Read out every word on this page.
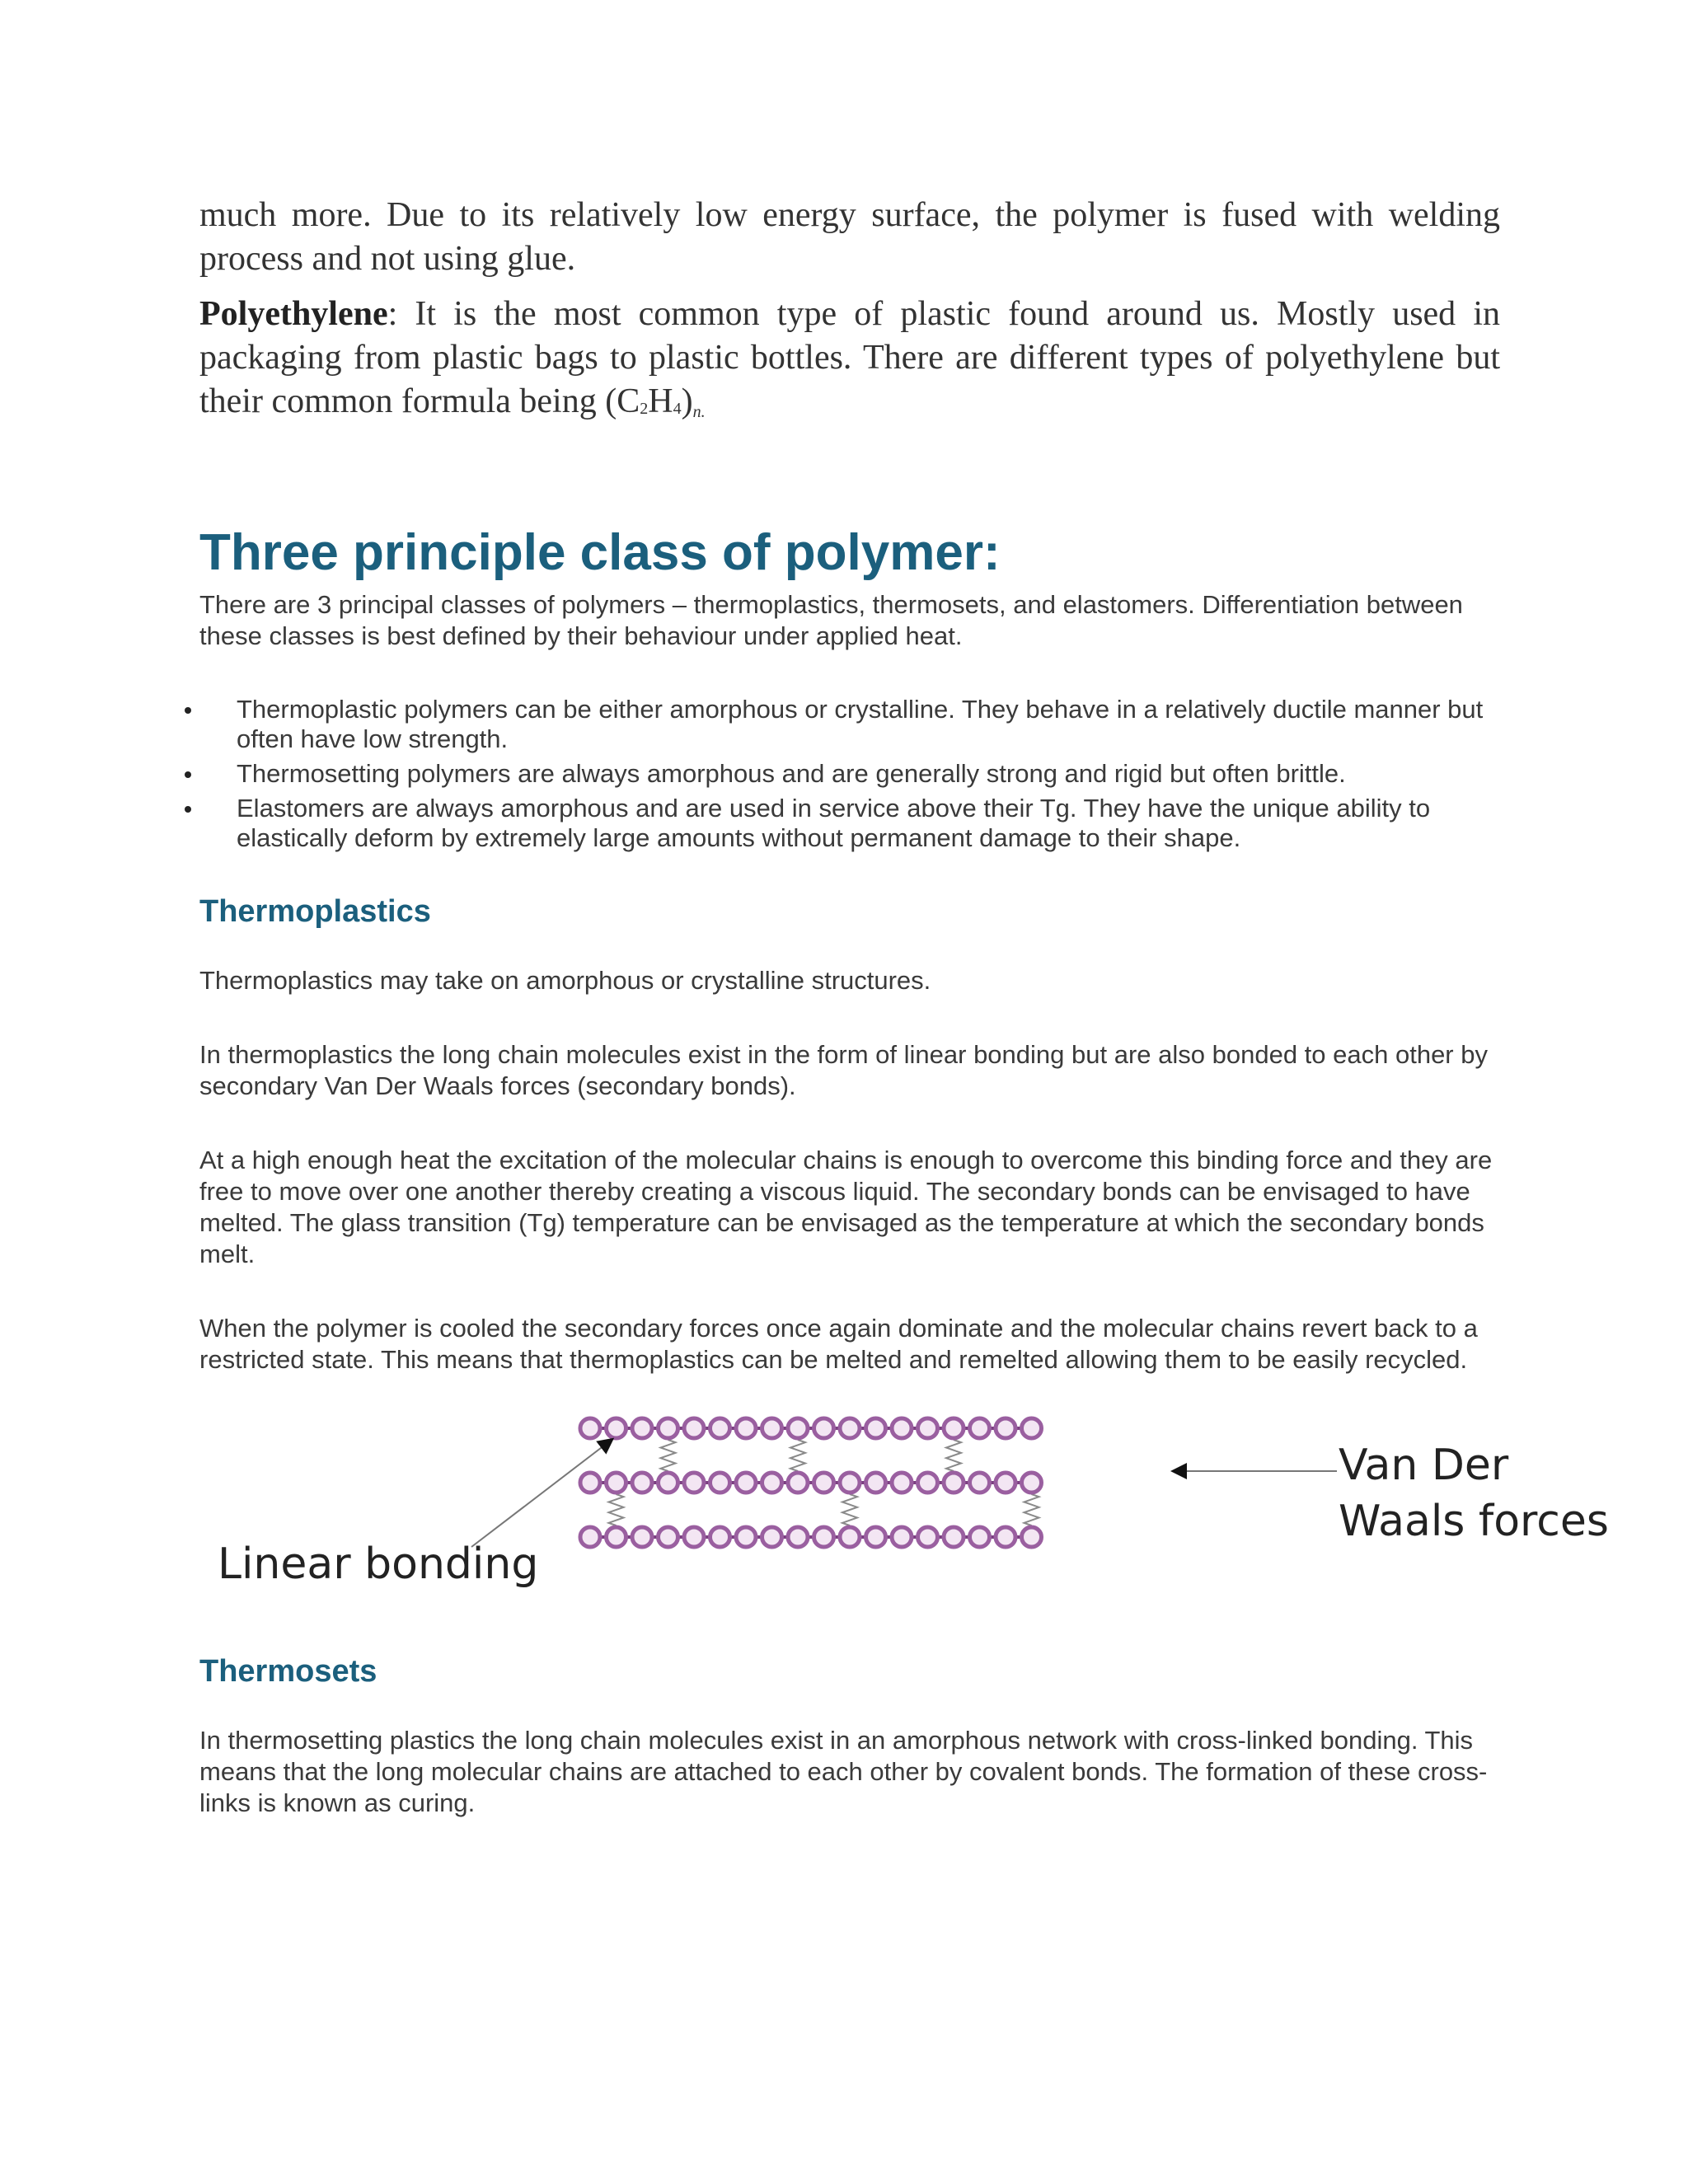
much more. Due to its relatively low energy surface, the polymer is fused with welding process and not using glue.

Polyethylene: It is the most common type of plastic found around us. Mostly used in packaging from plastic bags to plastic bottles. There are different types of polyethylene but their common formula being $(C_2H_4)n$.

Three principle class of polymer:

There are 3 principal classes of polymers – thermoplastics, thermosets, and elastomers. Differentiation between these classes is best defined by their behaviour under applied heat.

Thermoplastic polymers can be either amorphous or crystalline. They behave in a relatively ductile manner but often have low strength.
Thermosetting polymers are always amorphous and are generally strong and rigid but often brittle.
Elastomers are always amorphous and are used in service above their Tg. They have the unique ability to elastically deform by extremely large amounts without permanent damage to their shape.
Thermoplastics

Thermoplastics may take on amorphous or crystalline structures.

In thermoplastics the long chain molecules exist in the form of linear bonding but are also bonded to each other by secondary Van Der Waals forces (secondary bonds).

At a high enough heat the excitation of the molecular chains is enough to overcome this binding force and they are free to move over one another thereby creating a viscous liquid. The secondary bonds can be envisaged to have melted. The glass transition (Tg) temperature can be envisaged as the temperature at which the secondary bonds melt.

When the polymer is cooled the secondary forces once again dominate and the molecular chains revert back to a restricted state. This means that thermoplastics can be melted and remelted allowing them to be easily recycled.

Linear bonding
Van Der
Waals forces
Thermosets

In thermosetting plastics the long chain molecules exist in an amorphous network with cross-linked bonding. This means that the long molecular chains are attached to each other by covalent bonds. The formation of these cross-links is known as curing.
